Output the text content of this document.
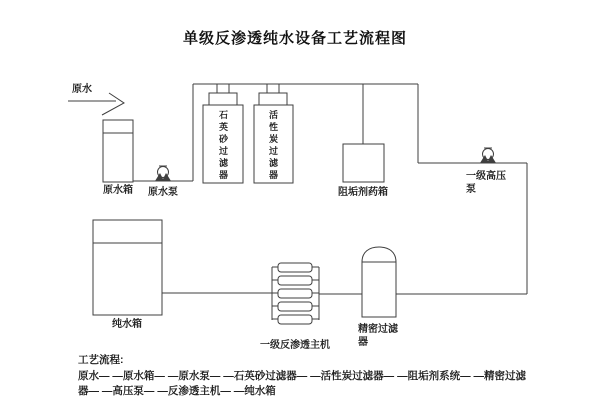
单级反渗透纯水设备工艺流程图
原水
原水箱	原水泵
石英砂过滤器	活性炭过滤器
阻垢剂药箱
一级高压泵
纯水箱
一级反渗透主机
精密过滤器
工艺流程:
原水— —原水箱— —原水泵— —石英砂过滤器— —活性炭过滤器— —阻垢剂系统— —精密过滤
器— —高压泵— —反渗透主机— —纯水箱
